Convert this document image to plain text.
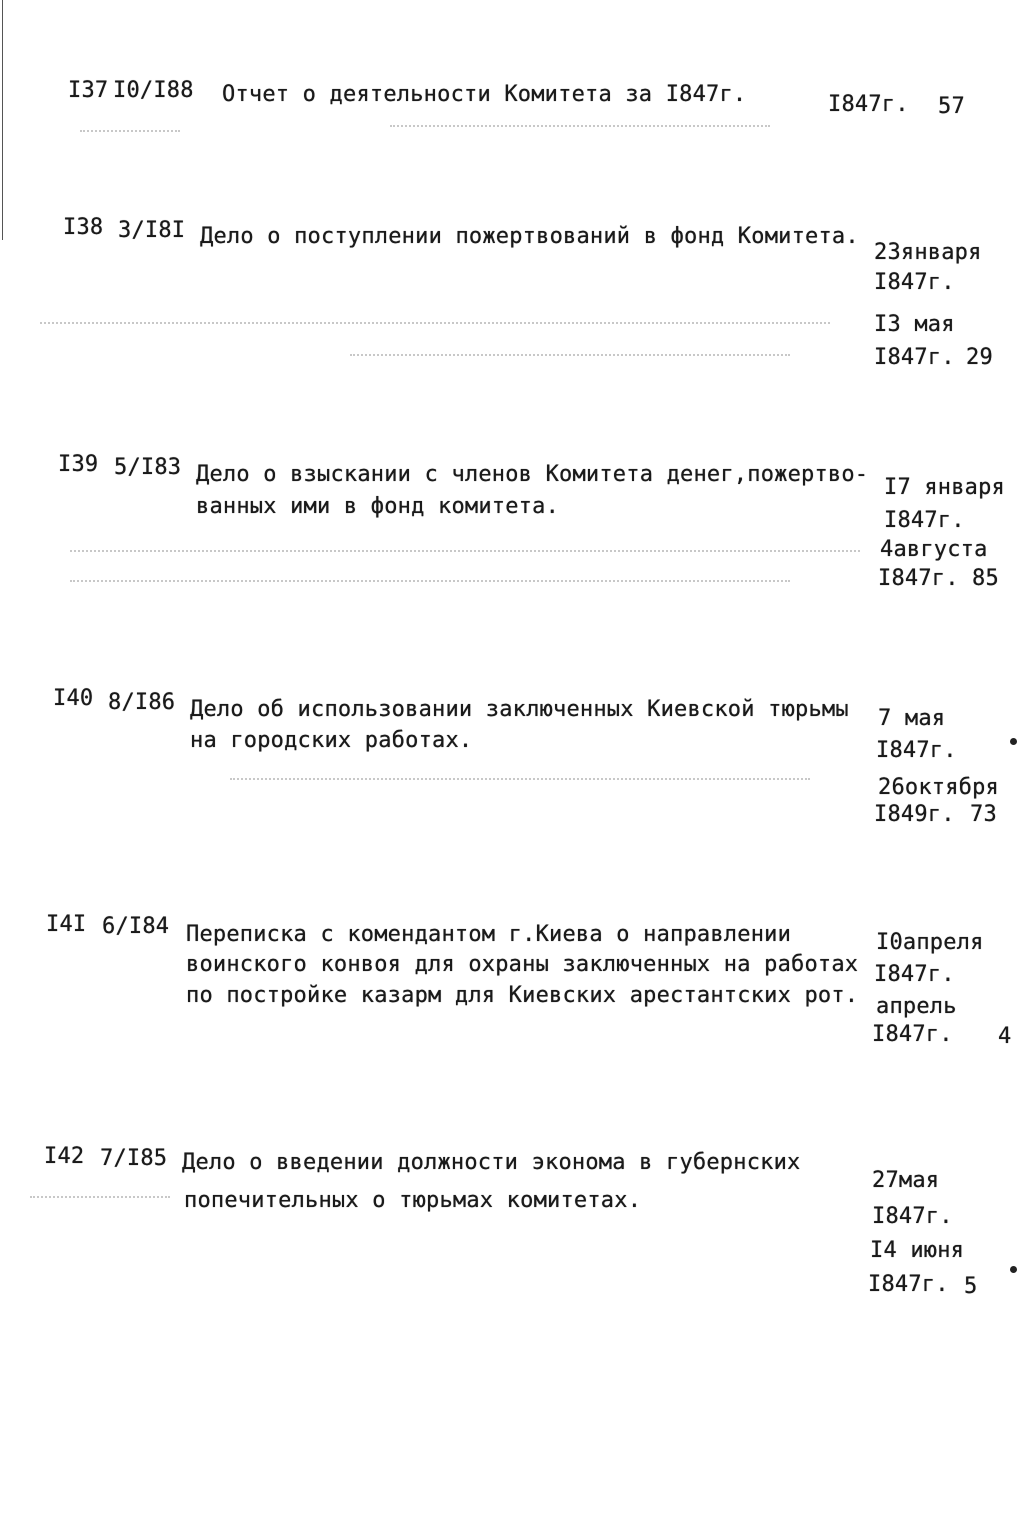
I37 I0/I88 Отчет о деятельности Комитета за I847г.	I847г. 57
I38 3/I8I Дело о поступлении пожертвований в фонд Комитета.
23января
I847г.
I3 мая
I847г. 29
I39 5/I83 Дело о взыскании с членов Комитета денег,пожертво-
ванных ими в фонд комитета.
I7 января
I847г.
4августа
I847г. 85
I40 8/I86 Дело об использовании заключенных Киевской тюрьмы
на городских работах.
7 мая
I847г.
26октября
I849г. 73
I4I 6/I84 Переписка с комендантом г.Киева о направлении
воинского конвоя для охраны заключенных на работах
по постройке казарм для Киевских арестантских рот.
I0апреля
I847г.
апрель
I847г. 4
I42 7/I85 Дело о введении должности эконома в губернских
попечительных о тюрьмах комитетах.
27мая
I847г.
I4 июня
I847г. 5
